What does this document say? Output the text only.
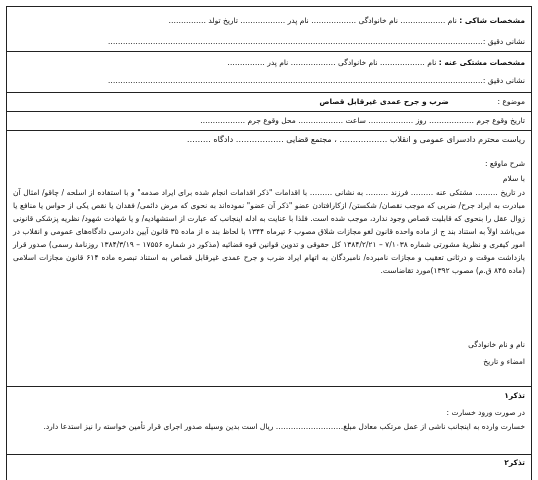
مشخصات شاکی : نام ……………… نام خانوادگی ……………… نام پدر ……………… تاریخ تولد ……………
نشانی دقیق :……………………………………………………………………………………………………………………………………
مشخصات مشتکی عنه : نام ……………… نام خانوادگی ……………… نام پدر ……………
نشانی دقیق :……………………………………………………………………………………………………………………………………
موضوع :  ضرب و جرح عمدی غیرقابل قصاص
تاریخ وقوع جرم ……………… روز ……………… ساعت ……………… محل وقوع جرم ………………
ریاست محترم دادسرای عمومی و انقلاب ……………… ، مجتمع قضایی ……………… دادگاه ………
شرح ماوقع :
با سلام

در تاریخ ……… مشتکی عنه ……… فرزند ……… به نشانی ……… با اقدامات "ذکر اقدامات انجام شده برای ایراد صدمه" و با استفاده از اسلحه / چاقو/ امثال آن مبادرت به ایراد جرح/ ضربی که موجب نقصان/ شکستن/ ازکارافتادن عضو "ذکر آن عضو" نموده‌اند به نحوی که مرض دائمی/ فقدان یا نقص یکی از حواس یا منافع یا زوال عقل را بنحوی که قابلیت قصاص وجود ندارد، موجب شده است. فلذا با عنایت به ادله اینجانب که عبارت از استشهادیه/ و یا شهادت شهود/ نظریه پزشکی قانونی می‌باشد اولاً به استناد بند ج از ماده واحده قانون لغو مجازات شلاق مصوب ۶ تیرماه ۱۳۴۴ با لحاظ بند ه از ماده ۳۵ قانون آیین دادرسی دادگاه‌های عمومی و انقلاب در امور کیفری و نظریهٔ مشورتی شماره ۷/۱۰۳۸ – ۱۳۸۴/۲/۲۱ کل حقوقی و تدوین قوانین قوه قضائیه (مذکور در شماره ۱۷۵۵۶ – ۱۳۸۴/۳/۱۹ روزنامهٔ رسمی) صدور قرار بازداشت موقت و درثانی تعقیب و مجازات نامبرده/ نامبردگان به اتهام ایراد ضرب و جرح عمدی غیرقابل قصاص به استناد تبصره ماده ۶۱۴ قانون مجازات اسلامی (ماده ۸۴۵ ق.م) مصوب ۱۳۹۲)مورد تقاضاست.

نام و نام خانوادگی
امضاء و تاریخ
تذکر۱
در صورت ورود خسارت :

خسارت وارده به اینجانب ناشی از عمل مرتکب معادل مبلغ……………………… ریال است بدین وسیله صدور اجرای قرار تأمین خواسته را نیز استدعا دارد.

تذکر۲
